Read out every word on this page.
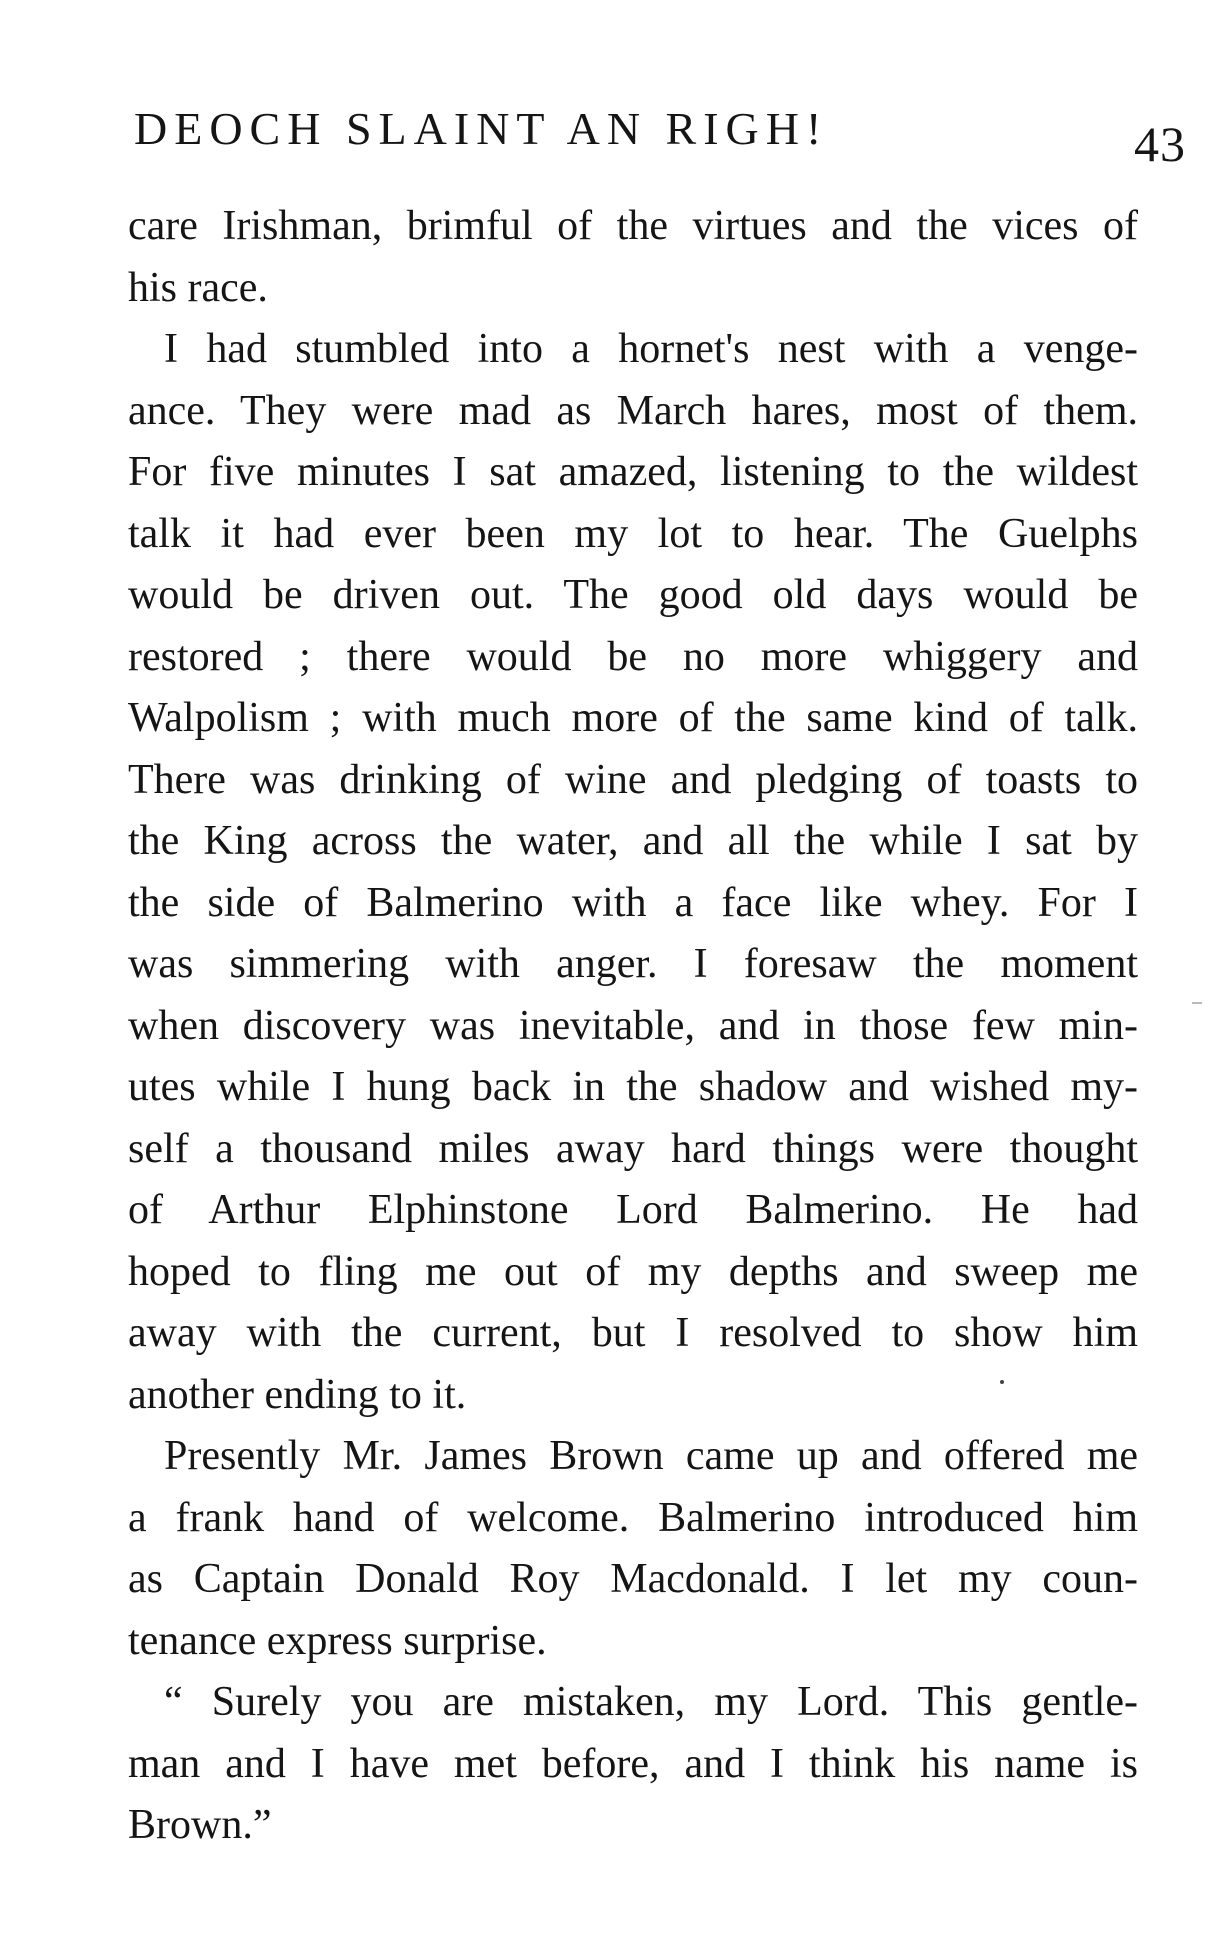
DEOCH SLAINT AN RIGH!	43
care Irishman, brimful of the virtues and the vices of
his race.
I had stumbled into a hornet's nest with a venge-
ance. They were mad as March hares, most of them.
For five minutes I sat amazed, listening to the wildest
talk it had ever been my lot to hear. The Guelphs
would be driven out. The good old days would be
restored ; there would be no more whiggery and
Walpolism ; with much more of the same kind of talk.
There was drinking of wine and pledging of toasts to
the King across the water, and all the while I sat by
the side of Balmerino with a face like whey. For I
was simmering with anger. I foresaw the moment
when discovery was inevitable, and in those few min-
utes while I hung back in the shadow and wished my-
self a thousand miles away hard things were thought
of Arthur Elphinstone Lord Balmerino. He had
hoped to fling me out of my depths and sweep me
away with the current, but I resolved to show him
another ending to it.
Presently Mr. James Brown came up and offered me
a frank hand of welcome. Balmerino introduced him
as Captain Donald Roy Macdonald. I let my coun-
tenance express surprise.
“ Surely you are mistaken, my Lord. This gentle-
man and I have met before, and I think his name is
Brown.”
